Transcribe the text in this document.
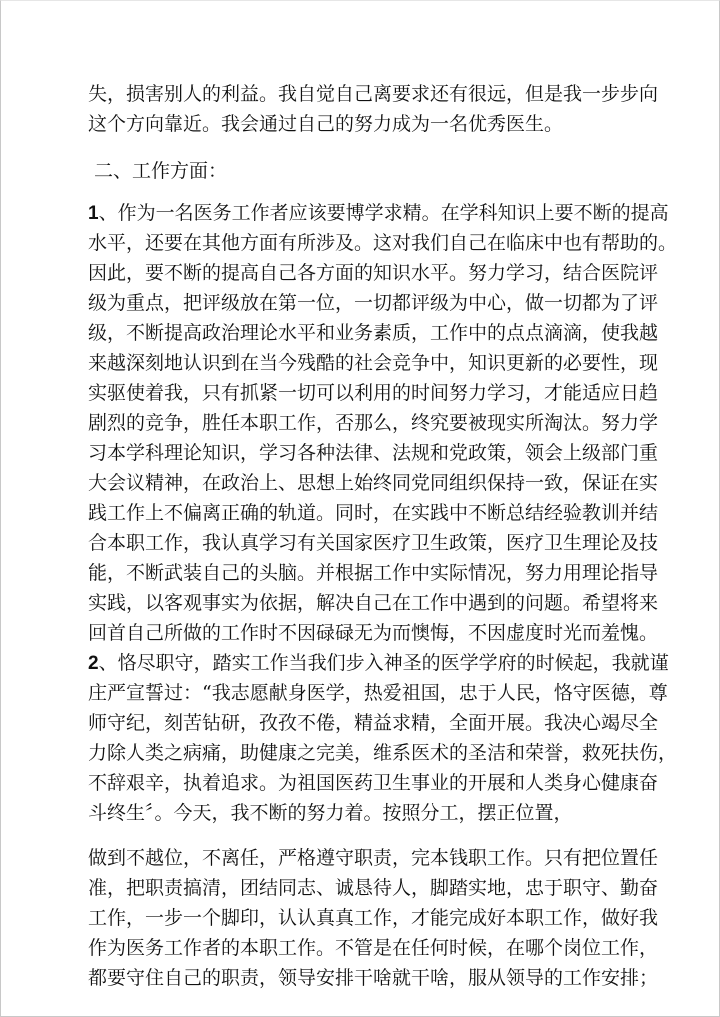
失，损害别人的利益。我自觉自己离要求还有很远，但是我一步步向
这个方向靠近。我会通过自己的努力成为一名优秀医生。
二、工作方面：
1、作为一名医务工作者应该要博学求精。在学科知识上要不断的提高
水平，还要在其他方面有所涉及。这对我们自己在临床中也有帮助的。
因此，要不断的提高自己各方面的知识水平。努力学习，结合医院评
级为重点，把评级放在第一位，一切都评级为中心，做一切都为了评
级，不断提高政治理论水平和业务素质，工作中的点点滴滴，使我越
来越深刻地认识到在当今残酷的社会竞争中，知识更新的必要性，现
实驱使着我，只有抓紧一切可以利用的时间努力学习，才能适应日趋
剧烈的竞争，胜任本职工作，否那么，终究要被现实所淘汰。努力学
习本学科理论知识，学习各种法律、法规和党政策，领会上级部门重
大会议精神，在政治上、思想上始终同党同组织保持一致，保证在实
践工作上不偏离正确的轨道。同时，在实践中不断总结经验教训并结
合本职工作，我认真学习有关国家医疗卫生政策，医疗卫生理论及技
能，不断武装自己的头脑。并根据工作中实际情况，努力用理论指导
实践，以客观事实为依据，解决自己在工作中遇到的问题。希望将来
回首自己所做的工作时不因碌碌无为而懊悔，不因虚度时光而羞愧。
2、恪尽职守，踏实工作当我们步入神圣的医学学府的时候起，我就谨
庄严宣誓过：“我志愿献身医学，热爱祖国，忠于人民，恪守医德，尊
师守纪，刻苦钻研，孜孜不倦，精益求精，全面开展。我决心竭尽全
力除人类之病痛，助健康之完美，维系医术的圣洁和荣誉，救死扶伤，
不辞艰辛，执着追求。为祖国医药卫生事业的开展和人类身心健康奋
斗终生〞。今天，我不断的努力着。按照分工，摆正位置，
做到不越位，不离任，严格遵守职责，完本钱职工作。只有把位置任
准，把职责搞清，团结同志、诚恳待人，脚踏实地，忠于职守、勤奋
工作，一步一个脚印，认认真真工作，才能完成好本职工作，做好我
作为医务工作者的本职工作。不管是在任何时候，在哪个岗位工作，
都要守住自己的职责，领导安排干啥就干啥，服从领导的工作安排；
